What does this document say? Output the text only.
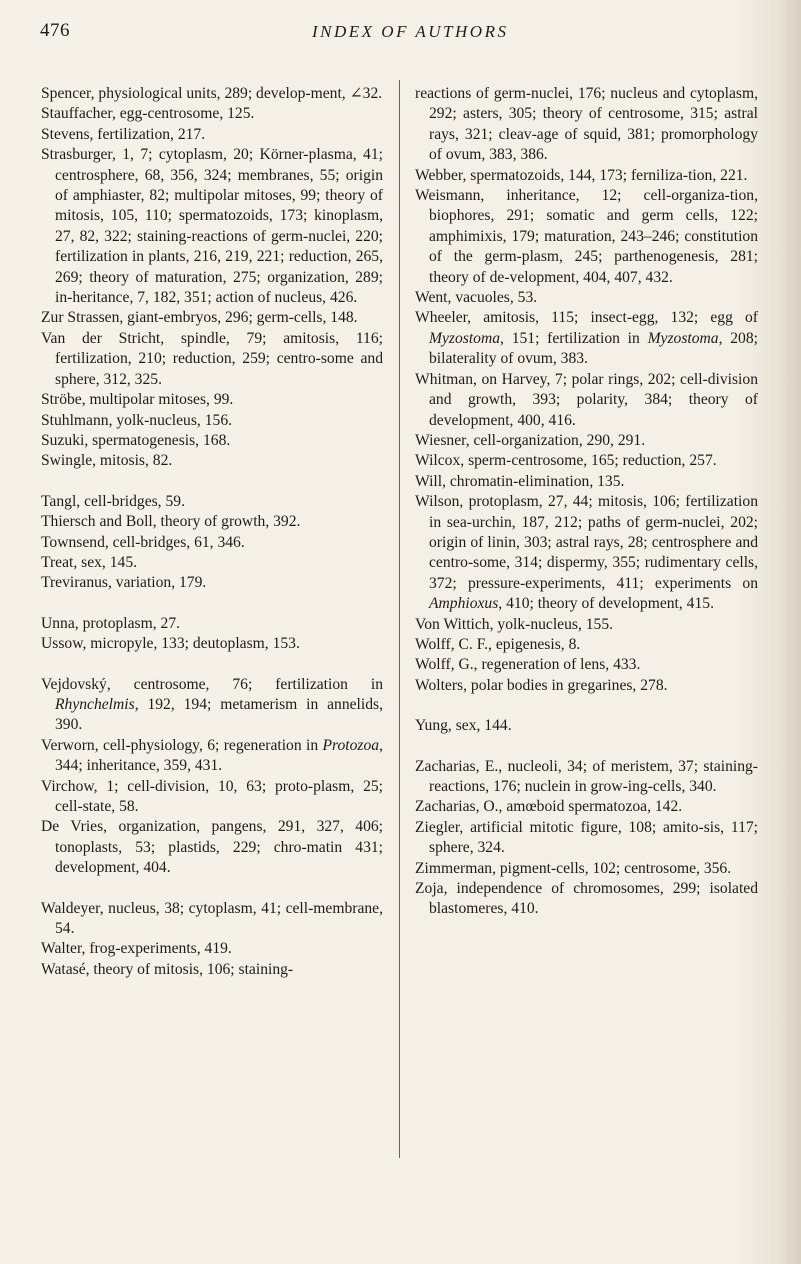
476	INDEX OF AUTHORS

Spencer, physiological units, 289; develop-ment, ∠32.

Stauffacher, egg-centrosome, 125.

Stevens, fertilization, 217.

Strasburger, 1, 7; cytoplasm, 20; Körner-plasma, 41; centrosphere, 68, 356, 324; membranes, 55; origin of amphiaster, 82; multipolar mitoses, 99; theory of mitosis, 105, 110; spermatozoids, 173; kinoplasm, 27, 82, 322; staining-reactions of germ-nuclei, 220; fertilization in plants, 216, 219, 221; reduction, 265, 269; theory of maturation, 275; organization, 289; in-heritance, 7, 182, 351; action of nucleus, 426.

Zur Strassen, giant-embryos, 296; germ-cells, 148.

Van der Stricht, spindle, 79; amitosis, 116; fertilization, 210; reduction, 259; centro-some and sphere, 312, 325.

Ströbe, multipolar mitoses, 99.

Stuhlmann, yolk-nucleus, 156.

Suzuki, spermatogenesis, 168.

Swingle, mitosis, 82.

Tangl, cell-bridges, 59.

Thiersch and Boll, theory of growth, 392.

Townsend, cell-bridges, 61, 346.

Treat, sex, 145.

Treviranus, variation, 179.

Unna, protoplasm, 27.

Ussow, micropyle, 133; deutoplasm, 153.

Vejdovský, centrosome, 76; fertilization in Rhynchelmis, 192, 194; metamerism in annelids, 390.

Verworn, cell-physiology, 6; regeneration in Protozoa, 344; inheritance, 359, 431.

Virchow, 1; cell-division, 10, 63; proto-plasm, 25; cell-state, 58.

De Vries, organization, pangens, 291, 327, 406; tonoplasts, 53; plastids, 229; chro-matin 431; development, 404.

Waldeyer, nucleus, 38; cytoplasm, 41; cell-membrane, 54.

Walter, frog-experiments, 419.

Watasé, theory of mitosis, 106; staining-

reactions of germ-nuclei, 176; nucleus and cytoplasm, 292; asters, 305; theory of centrosome, 315; astral rays, 321; cleav-age of squid, 381; promorphology of ovum, 383, 386.

Webber, spermatozoids, 144, 173; ferniliza-tion, 221.

Weismann, inheritance, 12; cell-organiza-tion, biophores, 291; somatic and germ cells, 122; amphimixis, 179; maturation, 243–246; constitution of the germ-plasm, 245; parthenogenesis, 281; theory of de-velopment, 404, 407, 432.

Went, vacuoles, 53.

Wheeler, amitosis, 115; insect-egg, 132; egg of Myzostoma, 151; fertilization in Myzostoma, 208; bilaterality of ovum, 383.

Whitman, on Harvey, 7; polar rings, 202; cell-division and growth, 393; polarity, 384; theory of development, 400, 416.

Wiesner, cell-organization, 290, 291.

Wilcox, sperm-centrosome, 165; reduction, 257.

Will, chromatin-elimination, 135.

Wilson, protoplasm, 27, 44; mitosis, 106; fertilization in sea-urchin, 187, 212; paths of germ-nuclei, 202; origin of linin, 303; astral rays, 28; centrosphere and centro-some, 314; dispermy, 355; rudimentary cells, 372; pressure-experiments, 411; experiments on Amphioxus, 410; theory of development, 415.

Von Wittich, yolk-nucleus, 155.

Wolff, C. F., epigenesis, 8.

Wolff, G., regeneration of lens, 433.

Wolters, polar bodies in gregarines, 278.

Yung, sex, 144.

Zacharias, E., nucleoli, 34; of meristem, 37; staining-reactions, 176; nuclein in grow-ing-cells, 340.

Zacharias, O., amœboid spermatozoa, 142.

Ziegler, artificial mitotic figure, 108; amito-sis, 117; sphere, 324.

Zimmerman, pigment-cells, 102; centrosome, 356.

Zoja, independence of chromosomes, 299; isolated blastomeres, 410.
